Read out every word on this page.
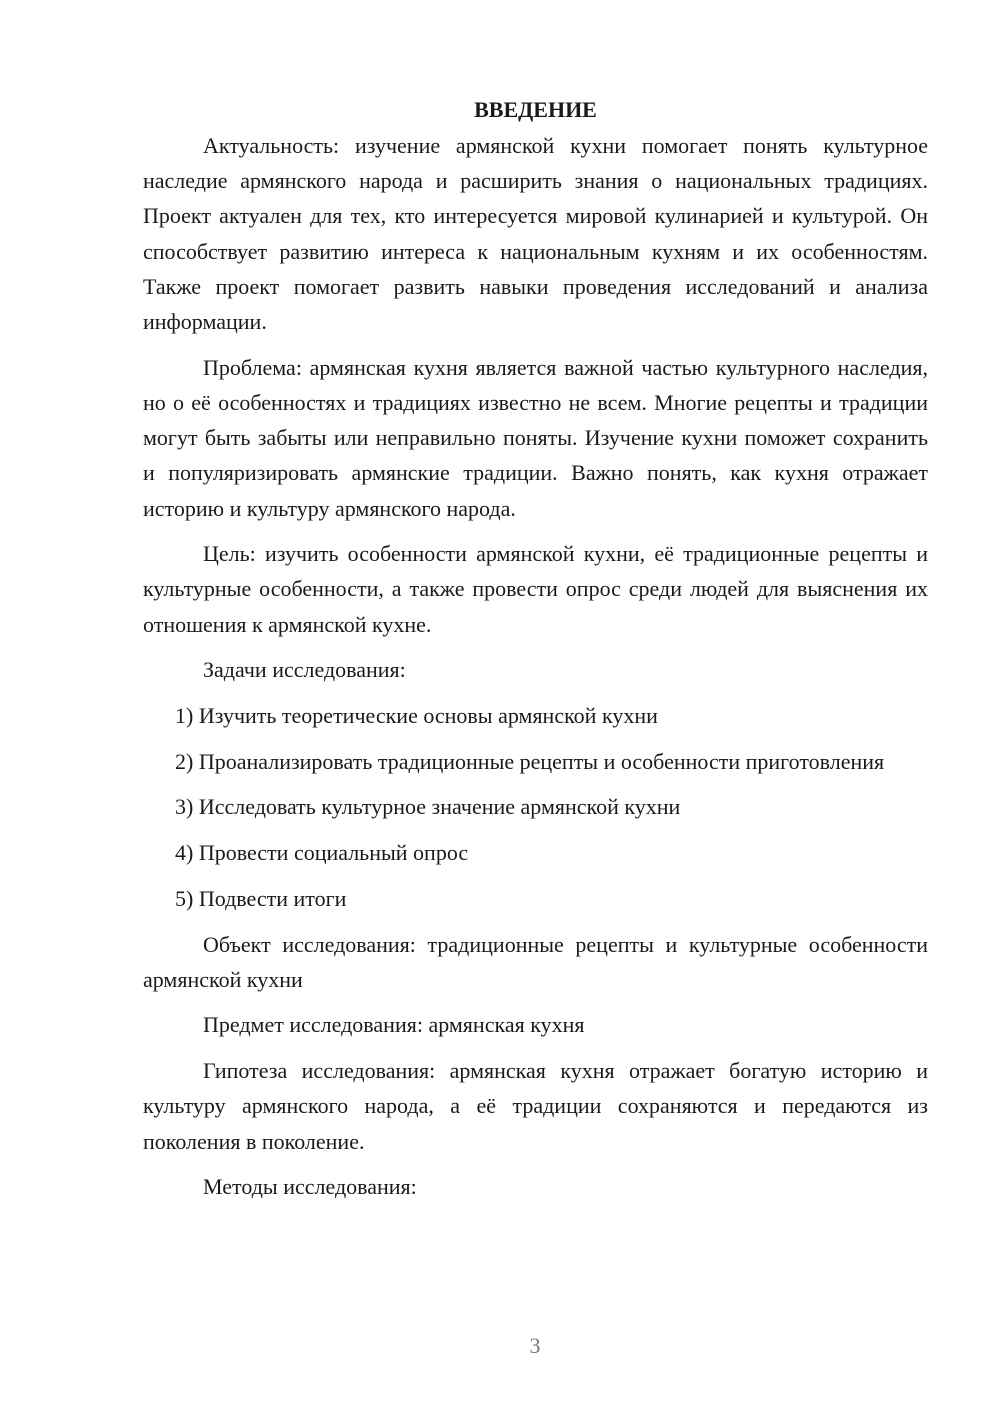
ВВЕДЕНИЕ

Актуальность: изучение армянской кухни помогает понять культурное наследие армянского народа и расширить знания о национальных традициях. Проект актуален для тех, кто интересуется мировой кулинарией и культурой. Он способствует развитию интереса к национальным кухням и их особенностям. Также проект помогает развить навыки проведения исследований и анализа информации.

Проблема: армянская кухня является важной частью культурного наследия, но о её особенностях и традициях известно не всем. Многие рецепты и традиции могут быть забыты или неправильно поняты. Изучение кухни поможет сохранить и популяризировать армянские традиции. Важно понять, как кухня отражает историю и культуру армянского народа.

Цель: изучить особенности армянской кухни, её традиционные рецепты и культурные особенности, а также провести опрос среди людей для выяснения их отношения к армянской кухне.

Задачи исследования:

1) Изучить теоретические основы армянской кухни

2) Проанализировать традиционные рецепты и особенности приготовления

3) Исследовать культурное значение армянской кухни

4) Провести социальный опрос

5) Подвести итоги

Объект исследования: традиционные рецепты и культурные особенности армянской кухни

Предмет исследования: армянская кухня

Гипотеза исследования: армянская кухня отражает богатую историю и культуру армянского народа, а её традиции сохраняются и передаются из поколения в поколение.

Методы исследования:

3
